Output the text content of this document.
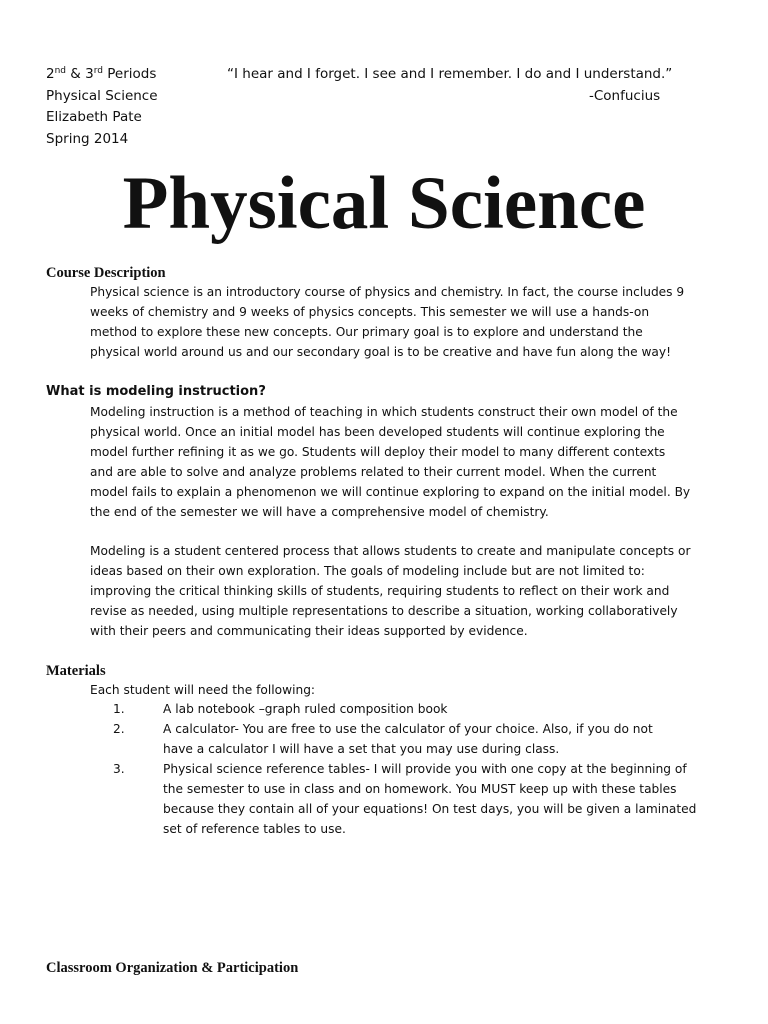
2nd & 3rd Periods
Physical Science
Elizabeth Pate
Spring 2014
“I hear and I forget. I see and I remember. I do and I understand.”
-Confucius
Physical Science
Course Description
Physical science is an introductory course of physics and chemistry. In fact, the course includes 9
weeks of chemistry and 9 weeks of physics concepts. This semester we will use a hands-on
method to explore these new concepts. Our primary goal is to explore and understand the
physical world around us and our secondary goal is to be creative and have fun along the way!
What is modeling instruction?
Modeling instruction is a method of teaching in which students construct their own model of the
physical world. Once an initial model has been developed students will continue exploring the
model further refining it as we go. Students will deploy their model to many different contexts
and are able to solve and analyze problems related to their current model. When the current
model fails to explain a phenomenon we will continue exploring to expand on the initial model. By
the end of the semester we will have a comprehensive model of chemistry.
Modeling is a student centered process that allows students to create and manipulate concepts or
ideas based on their own exploration. The goals of modeling include but are not limited to:
improving the critical thinking skills of students, requiring students to reflect on their work and
revise as needed, using multiple representations to describe a situation, working collaboratively
with their peers and communicating their ideas supported by evidence.
Materials
Each student will need the following:
1.	A lab notebook –graph ruled composition book
2.	A calculator- You are free to use the calculator of your choice. Also, if you do not
have a calculator I will have a set that you may use during class.
3.	Physical science reference tables- I will provide you with one copy at the beginning of
the semester to use in class and on homework. You MUST keep up with these tables
because they contain all of your equations! On test days, you will be given a laminated
set of reference tables to use.
Classroom Organization & Participation
